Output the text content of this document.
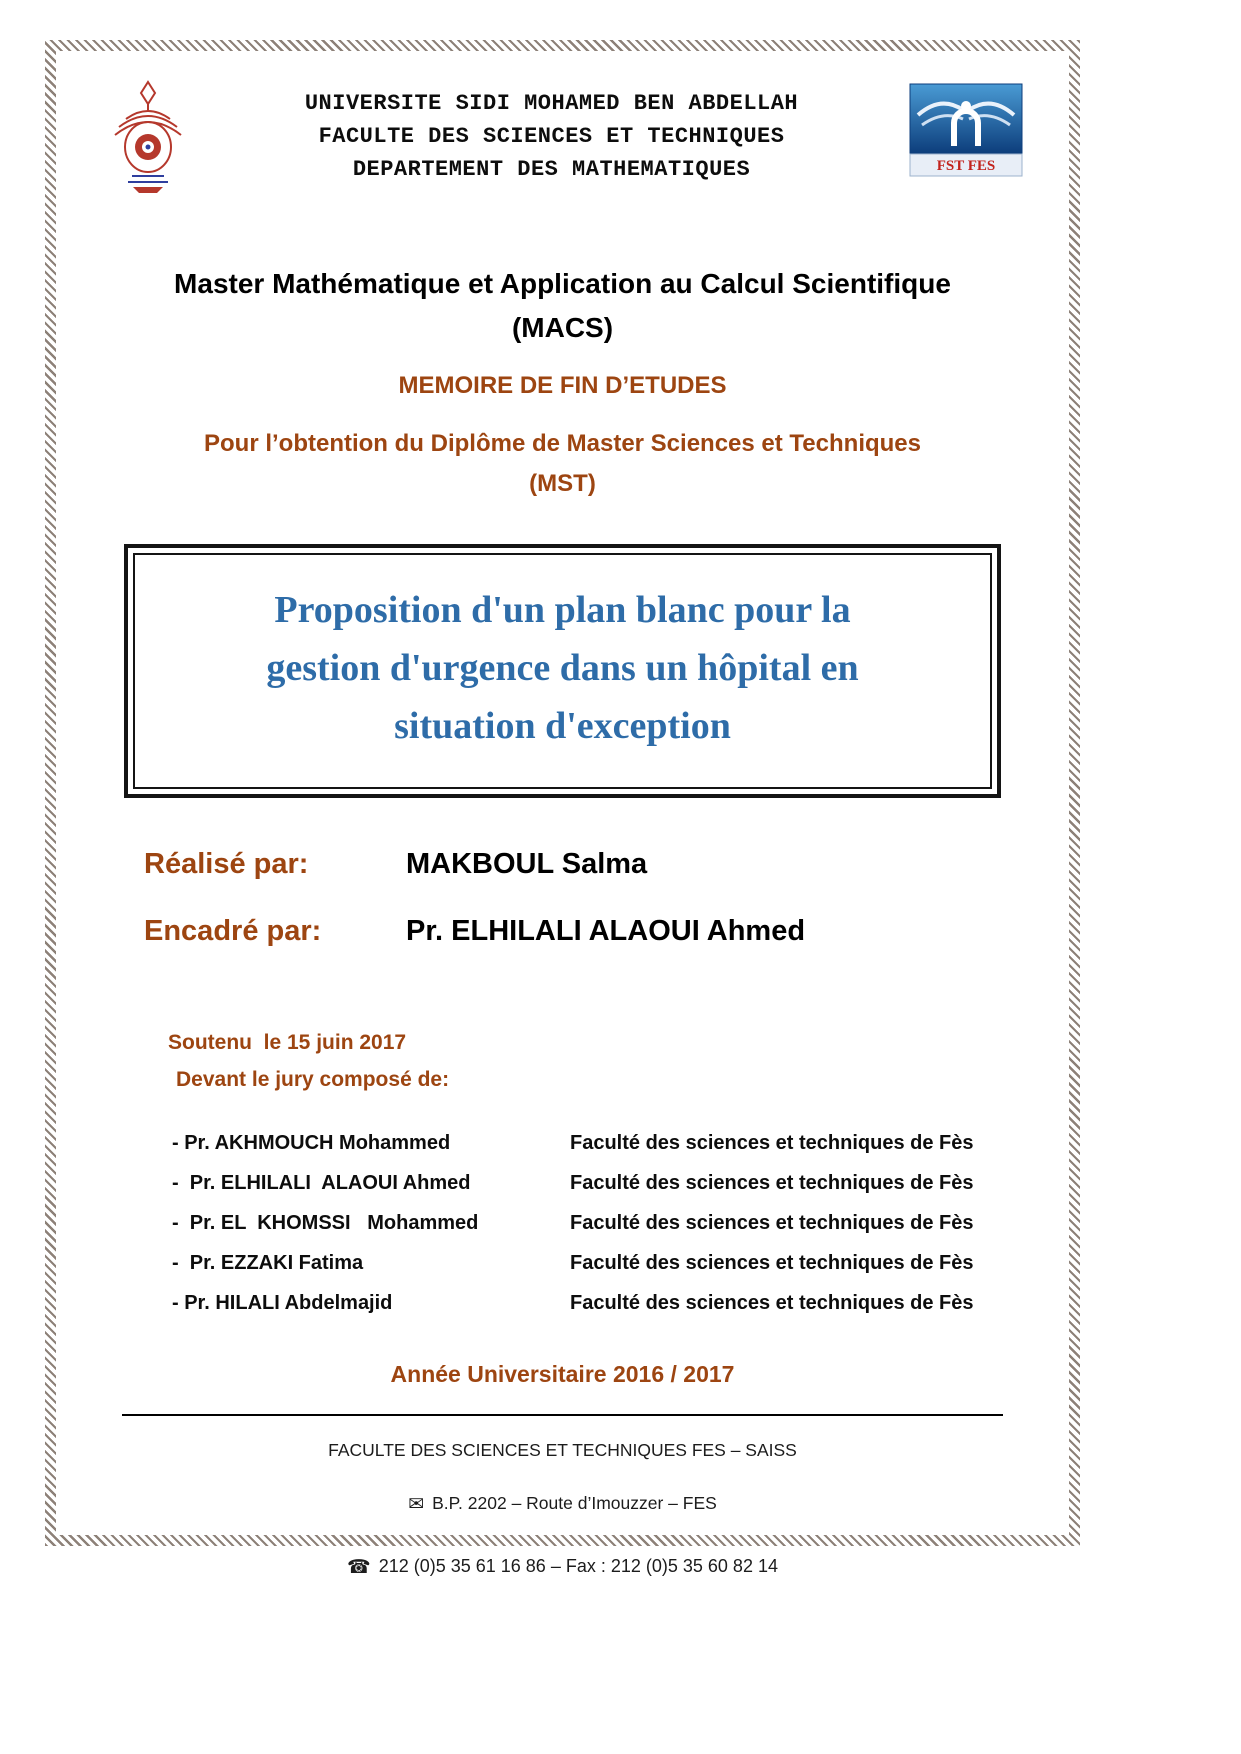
UNIVERSITE SIDI MOHAMED BEN ABDELLAH
FACULTE DES SCIENCES ET TECHNIQUES
DEPARTEMENT DES MATHEMATIQUES	FST FES
Master Mathématique et Application au Calcul Scientifique
(MACS)
MEMOIRE DE FIN D’ETUDES
Pour l’obtention du Diplôme de Master Sciences et Techniques
(MST)
Proposition d'un plan blanc pour la
gestion d'urgence dans un hôpital en
situation d'exception
Réalisé par:	MAKBOUL Salma
Encadré par:	Pr. ELHILALI ALAOUI Ahmed
Soutenu  le 15 juin 2017
Devant le jury composé de:
- Pr. AKHMOUCH Mohammed	Faculté des sciences et techniques de Fès
-  Pr. ELHILALI  ALAOUI Ahmed	Faculté des sciences et techniques de Fès
-  Pr. EL  KHOMSSI   Mohammed	Faculté des sciences et techniques de Fès
-  Pr. EZZAKI Fatima	Faculté des sciences et techniques de Fès
- Pr. HILALI Abdelmajid	Faculté des sciences et techniques de Fès
Année Universitaire 2016 / 2017
FACULTE DES SCIENCES ET TECHNIQUES FES – SAISS
✉ B.P. 2202 – Route d’Imouzzer – FES
☎ 212 (0)5 35 61 16 86 – Fax : 212 (0)5 35 60 82 14
